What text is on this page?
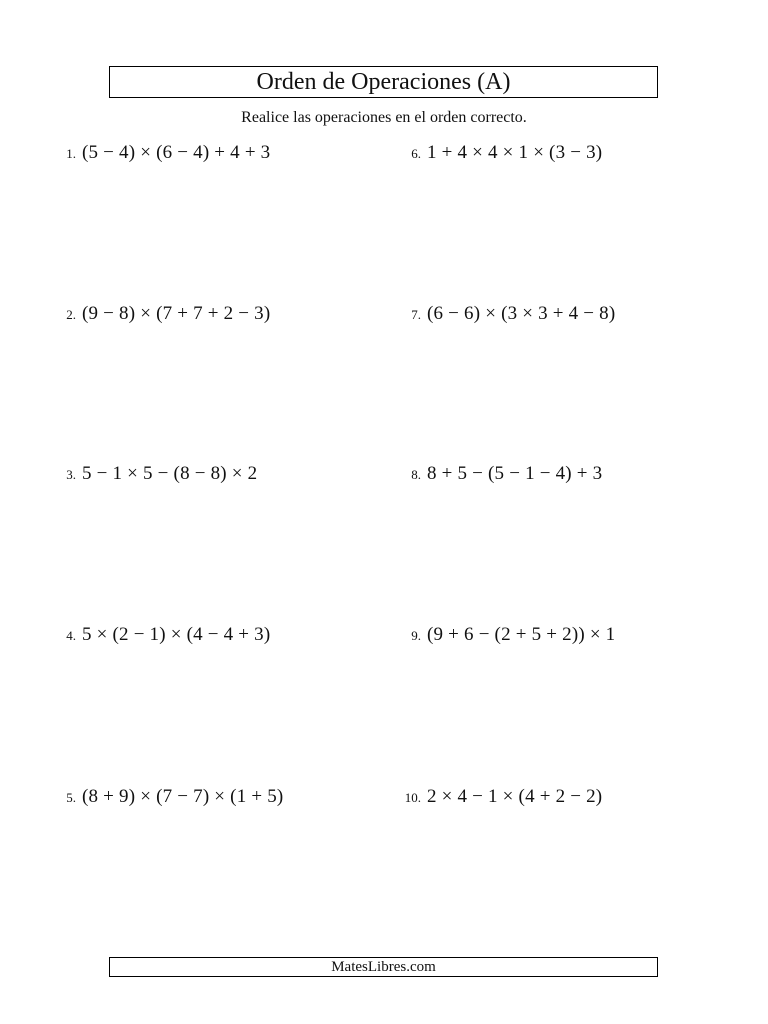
Orden de Operaciones (A)
Realice las operaciones en el orden correcto.
1. (5 − 4) × (6 − 4) + 4 + 3
2. (9 − 8) × (7 + 7 + 2 − 3)
3. 5 − 1 × 5 − (8 − 8) × 2
4. 5 × (2 − 1) × (4 − 4 + 3)
5. (8 + 9) × (7 − 7) × (1 + 5)
6. 1 + 4 × 4 × 1 × (3 − 3)
7. (6 − 6) × (3 × 3 + 4 − 8)
8. 8 + 5 − (5 − 1 − 4) + 3
9. (9 + 6 − (2 + 5 + 2)) × 1
10. 2 × 4 − 1 × (4 + 2 − 2)
MatesLibres.com
